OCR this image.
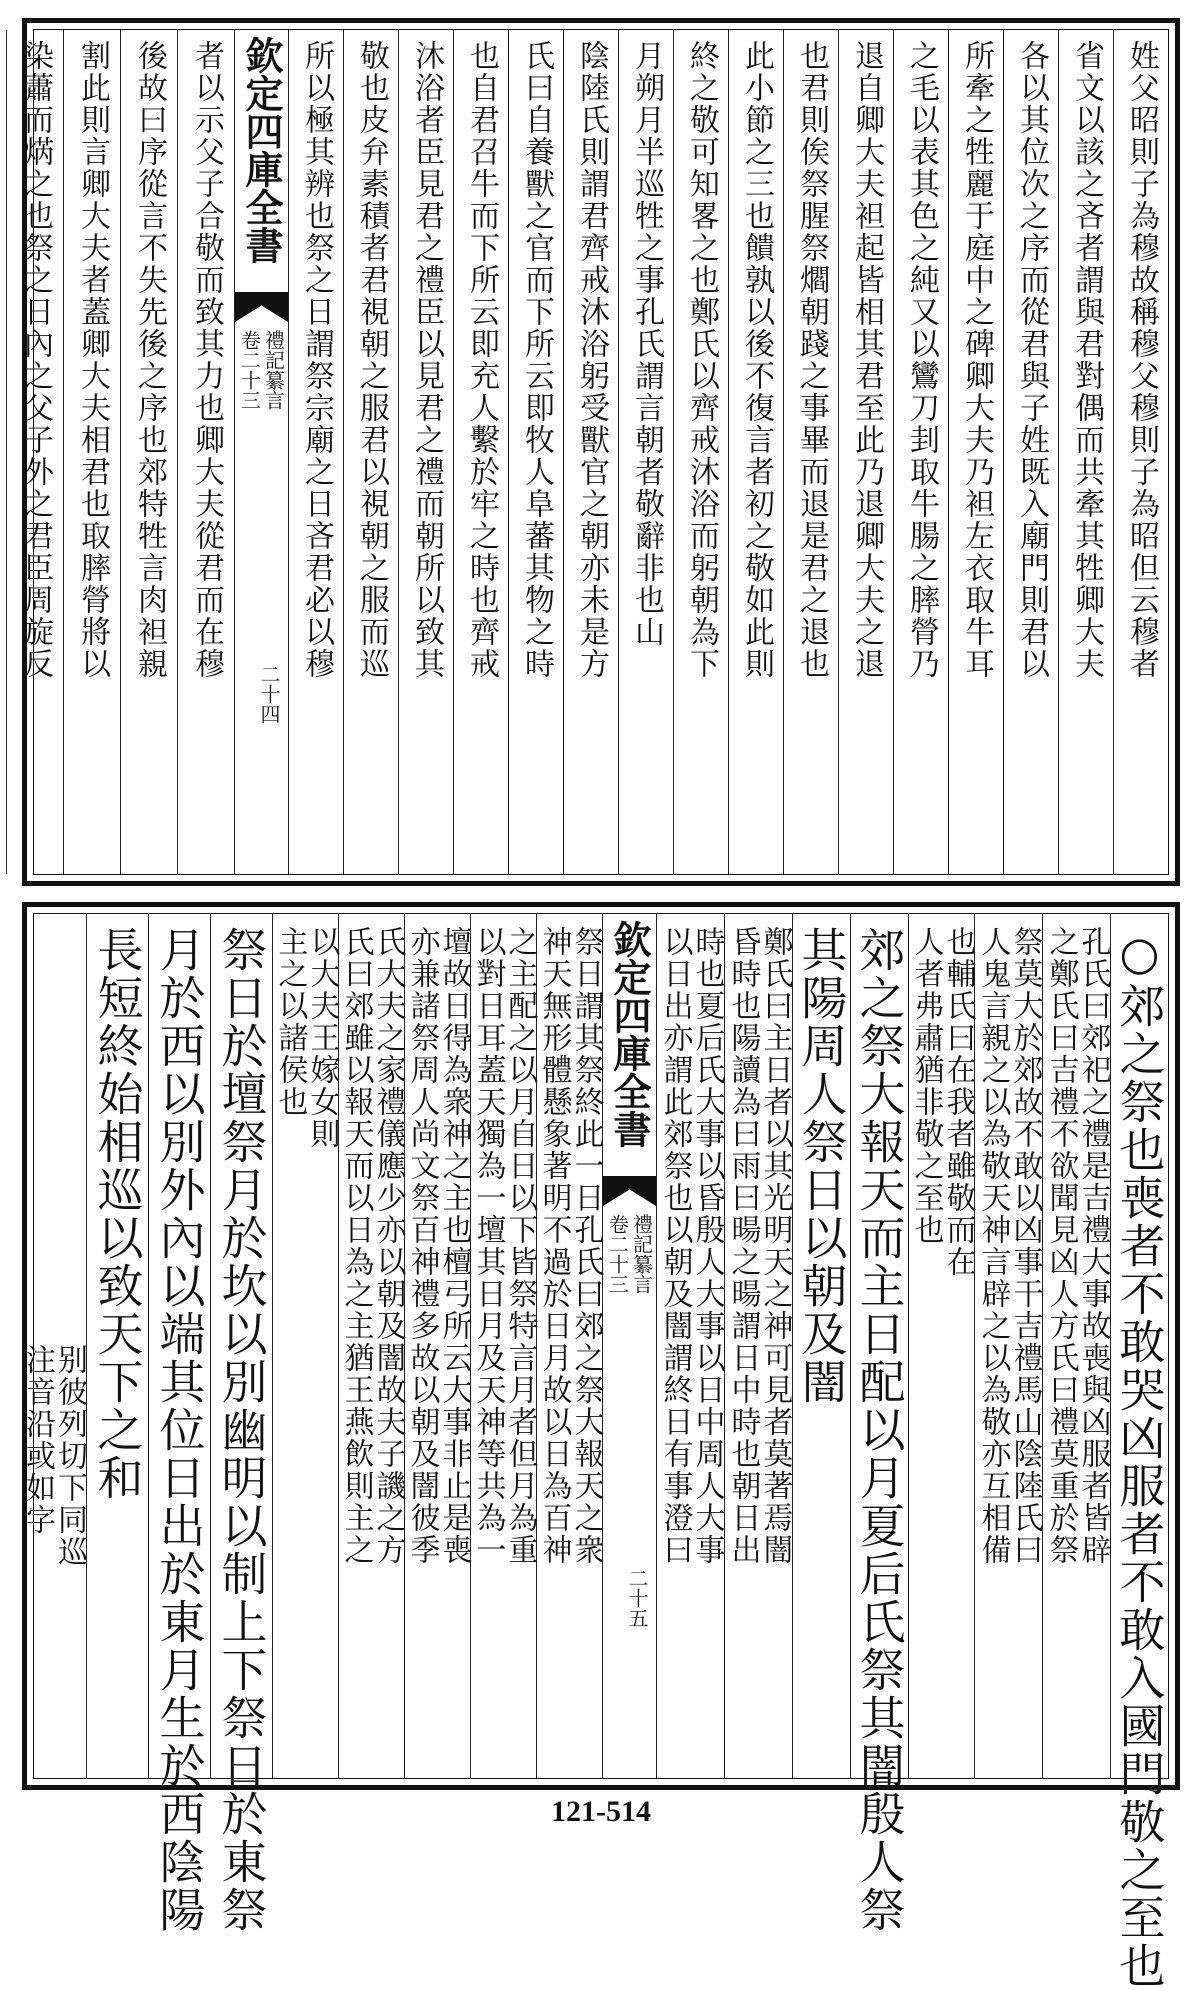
姓父昭則子為穆故稱穆父穆則子為昭但云穆者
省文以該之吝者謂與君對偶而共牽其牲卿大夫
各以其位次之序而從君與子姓既入廟門則君以
所牽之牲麗于庭中之碑卿大夫乃袒左衣取牛耳
之毛以表其色之純又以鸞刀刲取牛腸之膟膋乃
退自卿大夫袒起皆相其君至此乃退卿大夫之退
也君則俟祭腥祭爓朝踐之事畢而退是君之退也
此小節之三也饋孰以後不復言者初之敬如此則
終之敬可知畧之也鄭氏以齊戒沐浴而躬朝為下
月朔月半巡牲之事孔氏謂言朝者敬辭非也山
陰陸氏則謂君齊戒沐浴躬受獸官之朝亦未是方
氏曰自養獸之官而下所云即牧人阜蕃其物之時
也自君召牛而下所云即充人繫於牢之時也齊戒
沐浴者臣見君之禮臣以見君之禮而朝所以致其
敬也皮弁素積者君視朝之服君以視朝之服而巡
所以極其辨也祭之日謂祭宗廟之日吝君必以穆
欽定四庫全書
禮記纂言
卷二十三
二十四
者以示父子合敬而致其力也卿大夫從君而在穆
後故曰序從言不失先後之序也郊特牲言肉袒親
割此則言卿大夫者蓋卿大夫相君也取膟膋將以
染蕭而焫之也祭之日內之父子外之君臣周旋反
○郊之祭也喪者不敢哭凶服者不敢入國門敬之至也
孔氏曰郊祀之禮是吉禮大事故喪與凶服者皆辟
之鄭氏曰吉禮不欲聞見凶人方氏曰禮莫重於祭
祭莫大於郊故不敢以凶事干吉禮馬山陰陸氏曰
人鬼言親之以為敬天神言辟之以為敬亦互相備
也輔氏曰在我者雖敬而在
人者弗肅猶非敬之至也
郊之祭大報天而主日配以月夏后氏祭其闇殷人祭
其陽周人祭日以朝及闇
鄭氏曰主日者以其光明天之神可見者莫著焉闇
昏時也陽讀為曰雨曰暘之暘謂日中時也朝日出
時也夏后氏大事以昏殷人大事以日中周人大事
以日出亦謂此郊祭也以朝及闇謂終日有事澄曰
欽定四庫全書
禮記纂言
卷二十三
二十五
祭日謂其祭終此一日孔氏曰郊之祭大報天之衆
神天無形體懸象著明不過於日月故以日為百神
之主配之以月自日以下皆祭特言月者但月為重
以對日耳蓋天獨為一壇其日月及天神等共為一
壇故日得為衆神之主也檀弓所云大事非止是喪
亦兼諸祭周人尚文祭百神禮多故以朝及闇彼季
氏大夫之家禮儀應少亦以朝及闇故夫子譏之方
氏曰郊雖以報天而以日為之主猶王燕飲則主之
以大夫王嫁女則
主之以諸侯也
祭日於壇祭月於坎以別幽明以制上下祭日於東祭
月於西以別外內以端其位日出於東月生於西陰陽
長短終始相巡以致天下之和
别彼列切下同巡
注音沿或如字
121-514
